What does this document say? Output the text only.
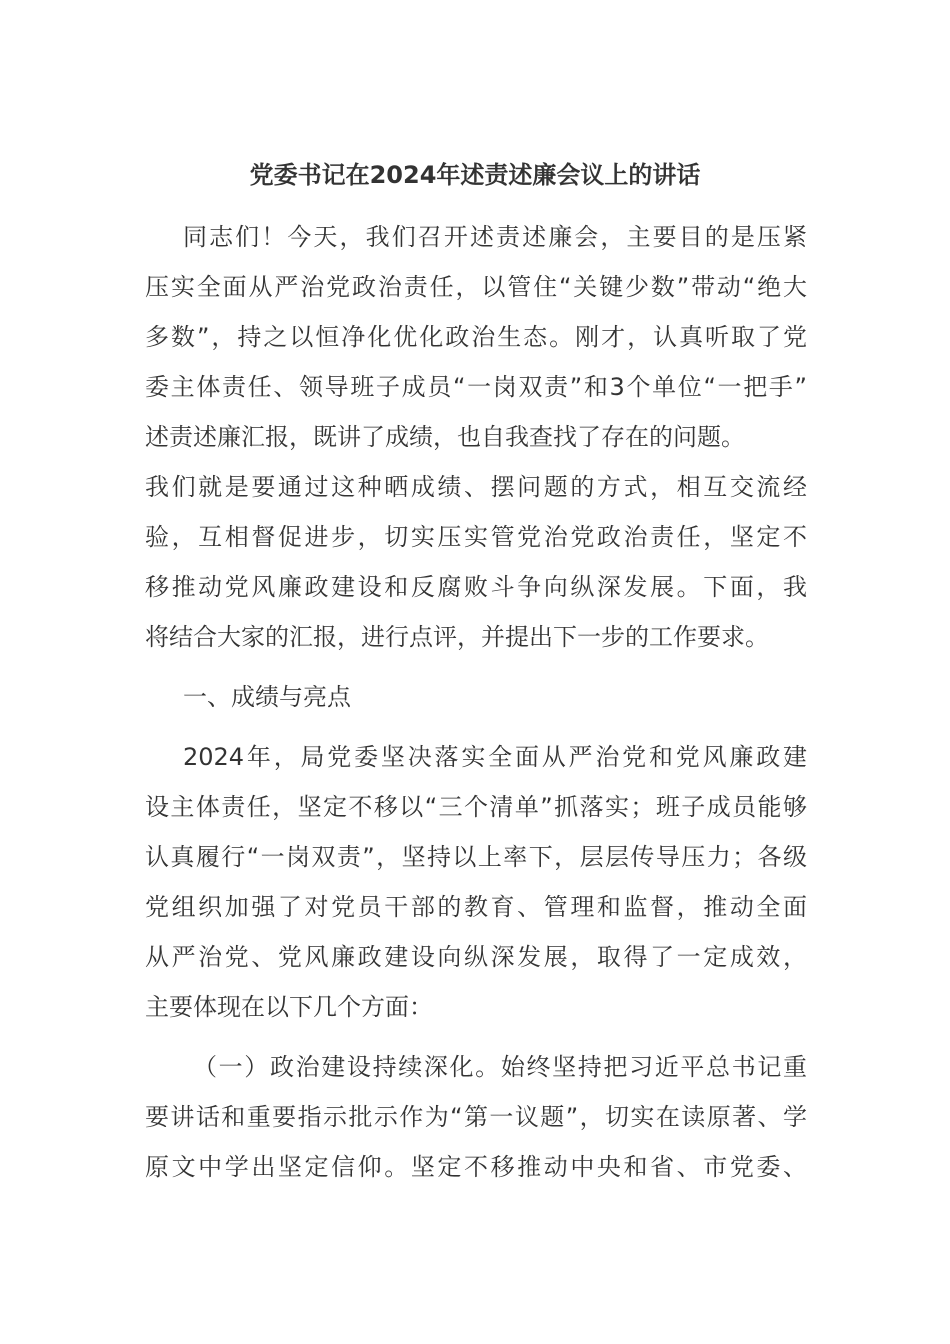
党委书记在2024年述责述廉会议上的讲话
同志们！今天，我们召开述责述廉会，主要目的是压紧
压实全面从严治党政治责任，以管住“关键少数”带动“绝大
多数”，持之以恒净化优化政治生态。刚才，认真听取了党
委主体责任、领导班子成员“一岗双责”和3个单位“一把手”
述责述廉汇报，既讲了成绩，也自我查找了存在的问题。
我们就是要通过这种晒成绩、摆问题的方式，相互交流经
验，互相督促进步，切实压实管党治党政治责任，坚定不
移推动党风廉政建设和反腐败斗争向纵深发展。下面，我
将结合大家的汇报，进行点评，并提出下一步的工作要求。
一、成绩与亮点
2024年，局党委坚决落实全面从严治党和党风廉政建
设主体责任，坚定不移以“三个清单”抓落实；班子成员能够
认真履行“一岗双责”，坚持以上率下，层层传导压力；各级
党组织加强了对党员干部的教育、管理和监督，推动全面
从严治党、党风廉政建设向纵深发展，取得了一定成效，
主要体现在以下几个方面：
（一）政治建设持续深化。始终坚持把习近平总书记重
要讲话和重要指示批示作为“第一议题”，切实在读原著、学
原文中学出坚定信仰。坚定不移推动中央和省、市党委、
